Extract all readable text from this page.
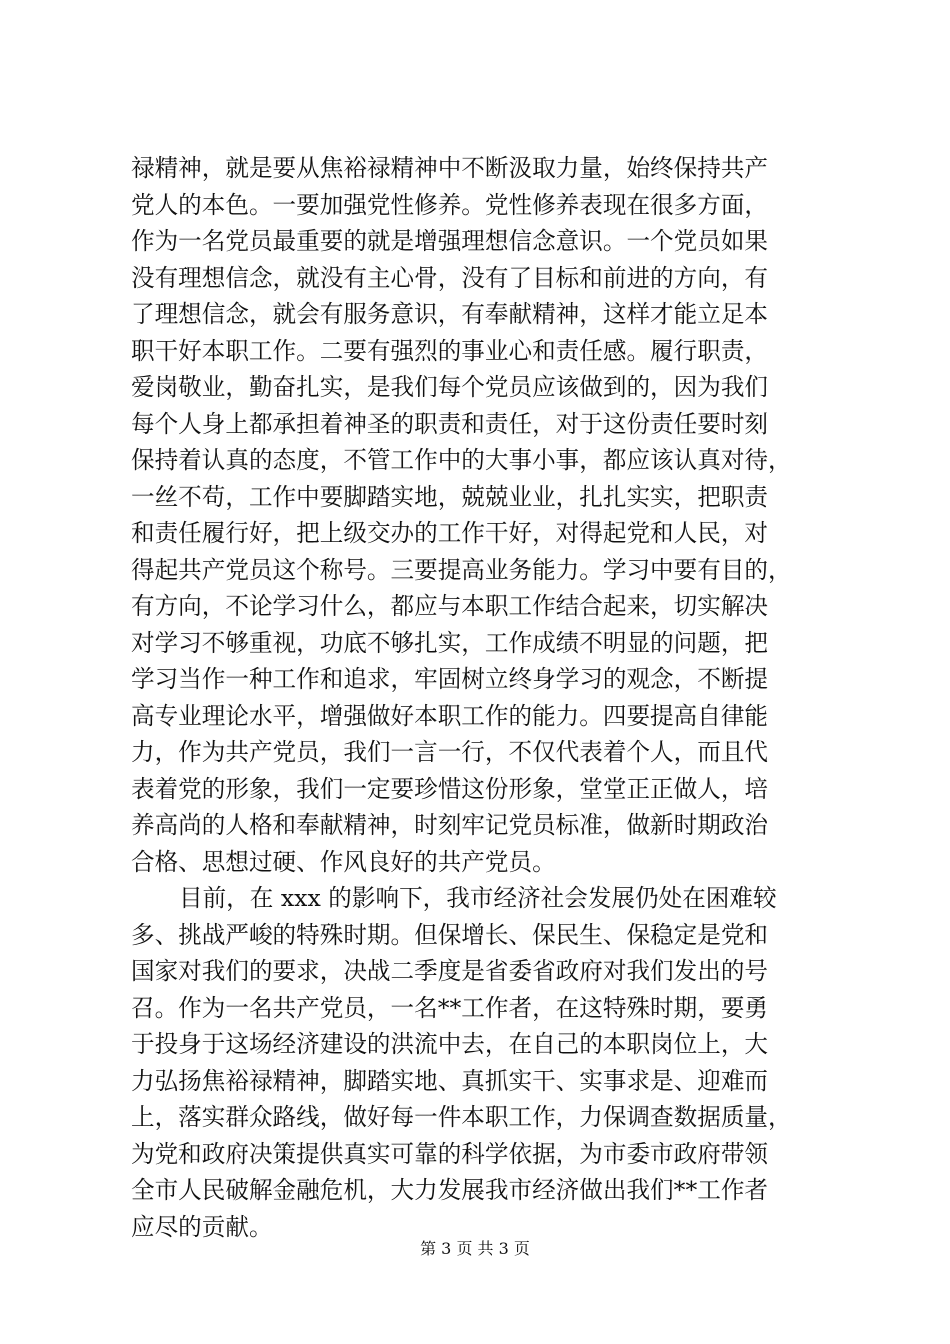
禄精神，就是要从焦裕禄精神中不断汲取力量，始终保持共产
党人的本色。一要加强党性修养。党性修养表现在很多方面，
作为一名党员最重要的就是增强理想信念意识。一个党员如果
没有理想信念，就没有主心骨，没有了目标和前进的方向，有
了理想信念，就会有服务意识，有奉献精神，这样才能立足本
职干好本职工作。二要有强烈的事业心和责任感。履行职责，
爱岗敬业，勤奋扎实，是我们每个党员应该做到的，因为我们
每个人身上都承担着神圣的职责和责任，对于这份责任要时刻
保持着认真的态度，不管工作中的大事小事，都应该认真对待，
一丝不苟，工作中要脚踏实地，兢兢业业，扎扎实实，把职责
和责任履行好，把上级交办的工作干好，对得起党和人民，对
得起共产党员这个称号。三要提高业务能力。学习中要有目的，
有方向，不论学习什么，都应与本职工作结合起来，切实解决
对学习不够重视，功底不够扎实，工作成绩不明显的问题，把
学习当作一种工作和追求，牢固树立终身学习的观念，不断提
高专业理论水平，增强做好本职工作的能力。四要提高自律能
力，作为共产党员，我们一言一行，不仅代表着个人，而且代
表着党的形象，我们一定要珍惜这份形象，堂堂正正做人，培
养高尚的人格和奉献精神，时刻牢记党员标准，做新时期政治
合格、思想过硬、作风良好的共产党员。
目前，在 xxx 的影响下，我市经济社会发展仍处在困难较
多、挑战严峻的特殊时期。但保增长、保民生、保稳定是党和
国家对我们的要求，决战二季度是省委省政府对我们发出的号
召。作为一名共产党员，一名**工作者，在这特殊时期，要勇
于投身于这场经济建设的洪流中去，在自己的本职岗位上，大
力弘扬焦裕禄精神，脚踏实地、真抓实干、实事求是、迎难而
上，落实群众路线，做好每一件本职工作，力保调查数据质量，
为党和政府决策提供真实可靠的科学依据，为市委市政府带领
全市人民破解金融危机，大力发展我市经济做出我们**工作者
应尽的贡献。
第 3 页 共 3 页
